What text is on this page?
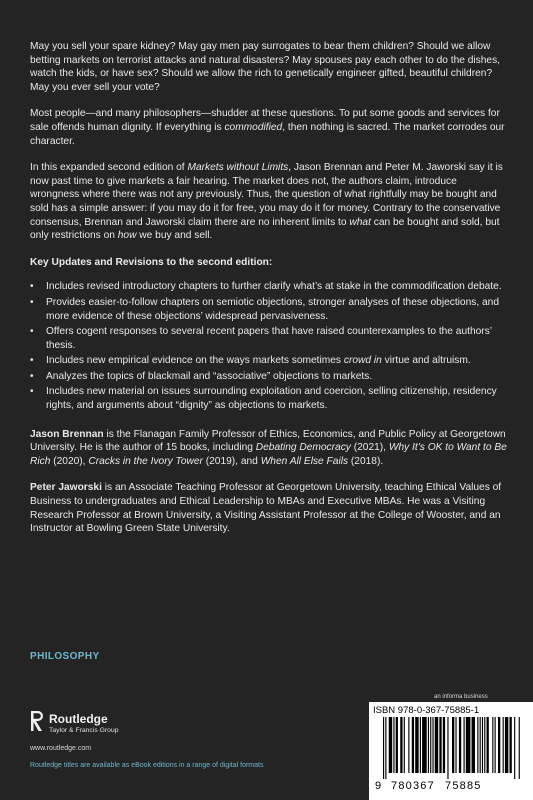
May you sell your spare kidney? May gay men pay surrogates to bear them children? Should we allow betting markets on terrorist attacks and natural disasters? May spouses pay each other to do the dishes, watch the kids, or have sex? Should we allow the rich to genetically engineer gifted, beautiful children? May you ever sell your vote?

Most people—and many philosophers—shudder at these questions. To put some goods and services for sale offends human dignity. If everything is commodified, then nothing is sacred. The market corrodes our character.

In this expanded second edition of Markets without Limits, Jason Brennan and Peter M. Jaworski say it is now past time to give markets a fair hearing. The market does not, the authors claim, introduce wrongness where there was not any previously. Thus, the question of what rightfully may be bought and sold has a simple answer: if you may do it for free, you may do it for money. Contrary to the conservative consensus, Brennan and Jaworski claim there are no inherent limits to what can be bought and sold, but only restrictions on how we buy and sell.

Key Updates and Revisions to the second edition:

• Includes revised introductory chapters to further clarify what’s at stake in the commodification debate.
• Provides easier-to-follow chapters on semiotic objections, stronger analyses of these objections, and more evidence of these objections’ widespread pervasiveness.
• Offers cogent responses to several recent papers that have raised counterexamples to the authors’ thesis.
• Includes new empirical evidence on the ways markets sometimes crowd in virtue and altruism.
• Analyzes the topics of blackmail and “associative” objections to markets.
• Includes new material on issues surrounding exploitation and coercion, selling citizenship, residency rights, and arguments about “dignity” as objections to markets.

Jason Brennan is the Flanagan Family Professor of Ethics, Economics, and Public Policy at Georgetown University. He is the author of 15 books, including Debating Democracy (2021), Why It’s OK to Want to Be Rich (2020), Cracks in the Ivory Tower (2019), and When All Else Fails (2018).

Peter Jaworski is an Associate Teaching Professor at Georgetown University, teaching Ethical Values of Business to undergraduates and Ethical Leadership to MBAs and Executive MBAs. He was a Visiting Research Professor at Brown University, a Visiting Assistant Professor at the College of Wooster, and an Instructor at Bowling Green State University.

PHILOSOPHY
Routledge
Taylor & Francis Group
www.routledge.com
Routledge titles are available as eBook editions in a range of digital formats
an informa business
ISBN 978-0-367-75885-1
9 780367 75885
